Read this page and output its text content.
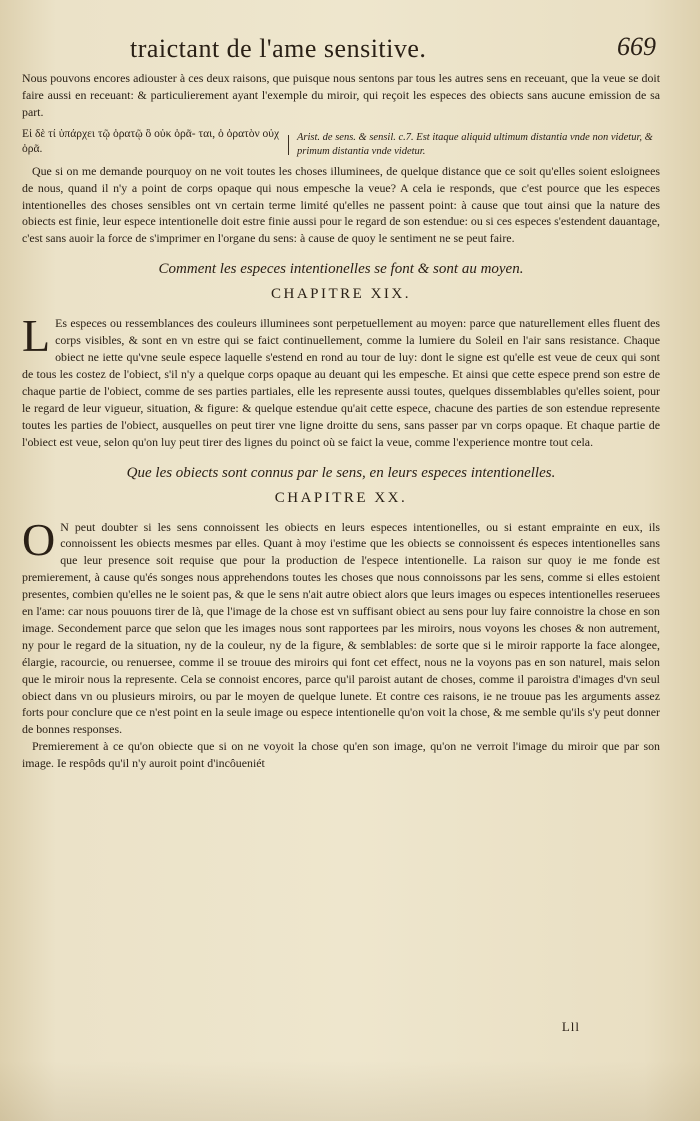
traictant de l'ame sensitive.	669

Nous pouvons encores adiouster à ces deux raisons, que puisque nous sentons par tous les autres sens en receuant, que la veue se doit faire aussi en receuant: & particulierement ayant l'exemple du miroir, qui reçoit les especes des obiects sans aucune emission de sa part.

Εἰ δὲ τί ὑπάρχει τῷ ὁρατῷ ὃ οὐκ ὁρᾶ- ται, ὁ ὁρατὸν οὐχ ὁρᾶ.
Arist. de sens. & sensil. c.7. Est itaque aliquid ultimum distantia vnde non videtur, & primum distantia vnde videtur.

Que si on me demande pourquoy on ne voit toutes les choses illuminees, de quelque distance que ce soit qu'elles soient esloignees de nous, quand il n'y a point de corps opaque qui nous empesche la veue? A cela ie responds, que c'est pource que les especes intentionelles des choses sensibles ont vn certain terme limité qu'elles ne passent point: à cause que tout ainsi que la nature des obiects est finie, leur espece intentionelle doit estre finie aussi pour le regard de son estendue: ou si ces especes s'estendent dauantage, c'est sans auoir la force de s'imprimer en l'organe du sens: à cause de quoy le sentiment ne se peut faire.

Comment les especes intentionelles se font & sont au moyen.
CHAPITRE XIX.

L Es especes ou ressemblances des couleurs illuminees sont perpetuellement au moyen: parce que naturellement elles fluent des corps visibles, & sont en vn estre qui se faict continuellement, comme la lumiere du Soleil en l'air sans resistance. Chaque obiect ne iette qu'vne seule espece laquelle s'estend en rond au tour de luy: dont le signe est qu'elle est veue de ceux qui sont de tous les costez de l'obiect, s'il n'y a quelque corps opaque au deuant qui les empesche. Et ainsi que cette espece prend son estre de chaque partie de l'obiect, comme de ses parties partiales, elle les represente aussi toutes, quelques dissemblables qu'elles soient, pour le regard de leur vigueur, situation, & figure: & quelque estendue qu'ait cette espece, chacune des parties de son estendue represente toutes les parties de l'obiect, ausquelles on peut tirer vne ligne droitte du sens, sans passer par vn corps opaque. Et chaque partie de l'obiect est veue, selon qu'on luy peut tirer des lignes du poinct où se faict la veue, comme l'experience montre tout cela.

Que les obiects sont connus par le sens, en leurs especes intentionelles.
CHAPITRE XX.

O N peut doubter si les sens connoissent les obiects en leurs especes intentionelles, ou si estant emprainte en eux, ils connoissent les obiects mesmes par elles. Quant à moy i'estime que les obiects se connoissent és especes intentionelles sans que leur presence soit requise que pour la production de l'espece intentionelle. La raison sur quoy ie me fonde est premierement, à cause qu'és songes nous apprehendons toutes les choses que nous connoissons par les sens, comme si elles estoient presentes, combien qu'elles ne le soient pas, & que le sens n'ait autre obiect alors que leurs images ou especes intentionelles reseruees en l'ame: car nous pouuons tirer de là, que l'image de la chose est vn suffisant obiect au sens pour luy faire connoistre la chose en son image. Secondement parce que selon que les images nous sont rapportees par les miroirs, nous voyons les choses & non autrement, ny pour le regard de la situation, ny de la couleur, ny de la figure, & semblables: de sorte que si le miroir rapporte la face alongee, élargie, racourcie, ou renuersee, comme il se trouue des miroirs qui font cet effect, nous ne la voyons pas en son naturel, mais selon que le miroir nous la represente. Cela se connoist encores, parce qu'il paroist autant de choses, comme il paroistra d'images d'vn seul obiect dans vn ou plusieurs miroirs, ou par le moyen de quelque lunete. Et contre ces raisons, ie ne trouue pas les arguments assez forts pour conclure que ce n'est point en la seule image ou espece intentionelle qu'on voit la chose, & me semble qu'ils s'y peut donner de bonnes responses.

Premierement à ce qu'on obiecte que si on ne voyoit la chose qu'en son image, qu'on ne verroit l'image du miroir que par son image. Ie respôds qu'il n'y auroit point d'incôueniét

Lll
